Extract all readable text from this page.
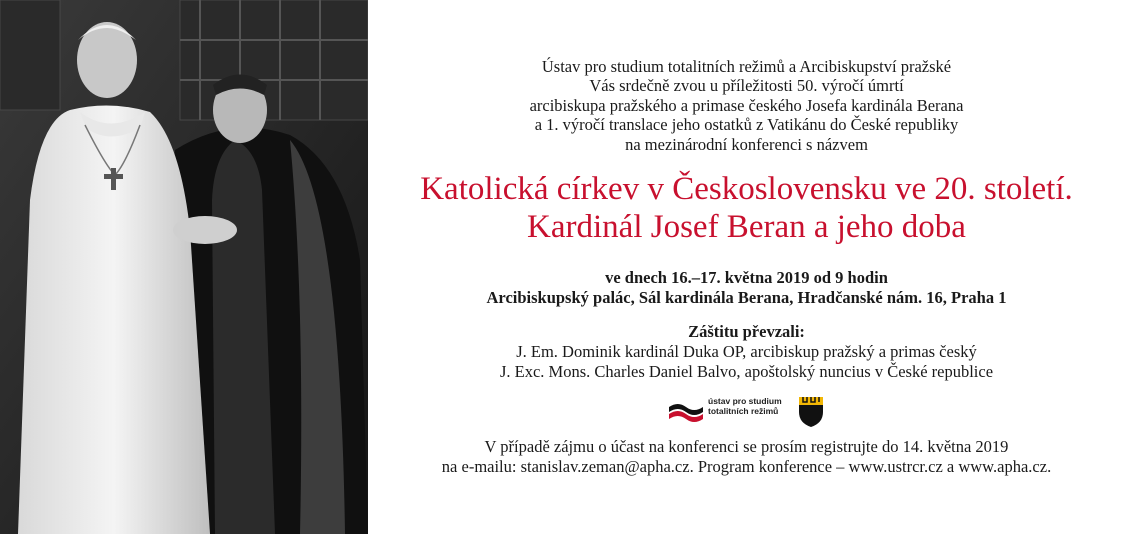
Ústav pro studium totalitních režimů a Arcibiskupství pražské
Vás srdečně zvou u příležitosti 50. výročí úmrtí
arcibiskupa pražského a primase českého Josefa kardinála Berana
a 1. výročí translace jeho ostatků z Vatikánu do České republiky
na mezinárodní konferenci s názvem
Katolická církev v Československu ve 20. století.
Kardinál Josef Beran a jeho doba
ve dnech 16.–17. května 2019 od 9 hodin
Arcibiskupský palác, Sál kardinála Berana, Hradčanské nám. 16, Praha 1
Záštitu převzali:
J. Em. Dominik kardinál Duka OP, arcibiskup pražský a primas český
J. Exc. Mons. Charles Daniel Balvo, apoštolský nuncius v České republice
ústav pro studium
totalitních režimů
V případě zájmu o účast na konferenci se prosím registrujte do 14. května 2019
na e-mailu: stanislav.zeman@apha.cz. Program konference – www.ustrcr.cz a www.apha.cz.
